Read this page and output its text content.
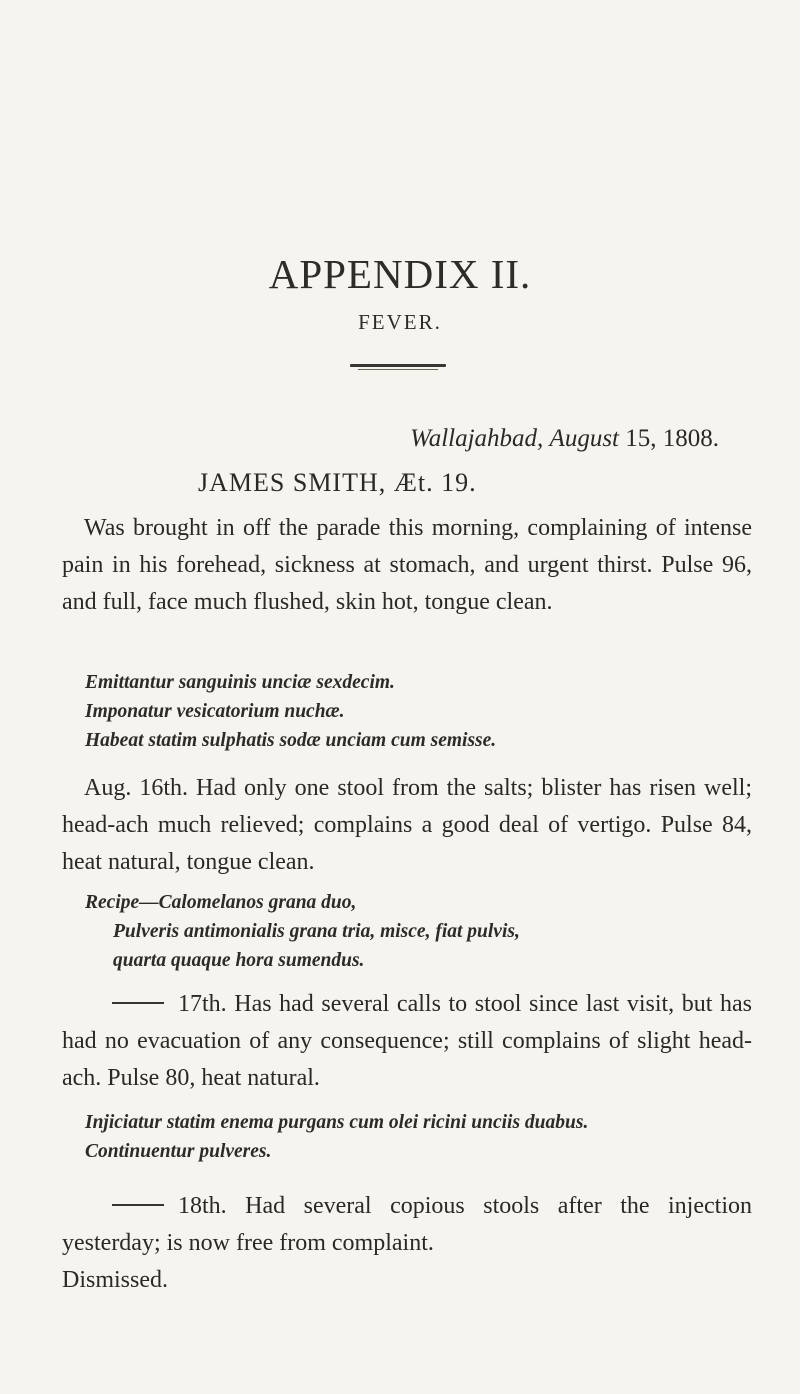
APPENDIX II.
FEVER.
Wallajahbad, August 15, 1808.
JAMES SMITH, Æt. 19.
Was brought in off the parade this morning, complaining of intense pain in his forehead, sickness at stomach, and urgent thirst. Pulse 96, and full, face much flushed, skin hot, tongue clean.
Emittantur sanguinis unciæ sexdecim.
Imponatur vesicatorium nuchæ.
Habeat statim sulphatis sodæ unciam cum semisse.
Aug. 16th. Had only one stool from the salts; blister has risen well; head-ach much relieved; complains a good deal of vertigo. Pulse 84, heat natural, tongue clean.
Recipe—Calomelanos grana duo,
Pulveris antimonialis grana tria, misce, fiat pulvis,
quarta quaque hora sumendus.
17th. Has had several calls to stool since last visit, but has had no evacuation of any consequence; still complains of slight head-ach. Pulse 80, heat natural.
Injiciatur statim enema purgans cum olei ricini unciis duabus.
Continuentur pulveres.
18th. Had several copious stools after the injection yesterday; is now free from complaint.
Dismissed.
